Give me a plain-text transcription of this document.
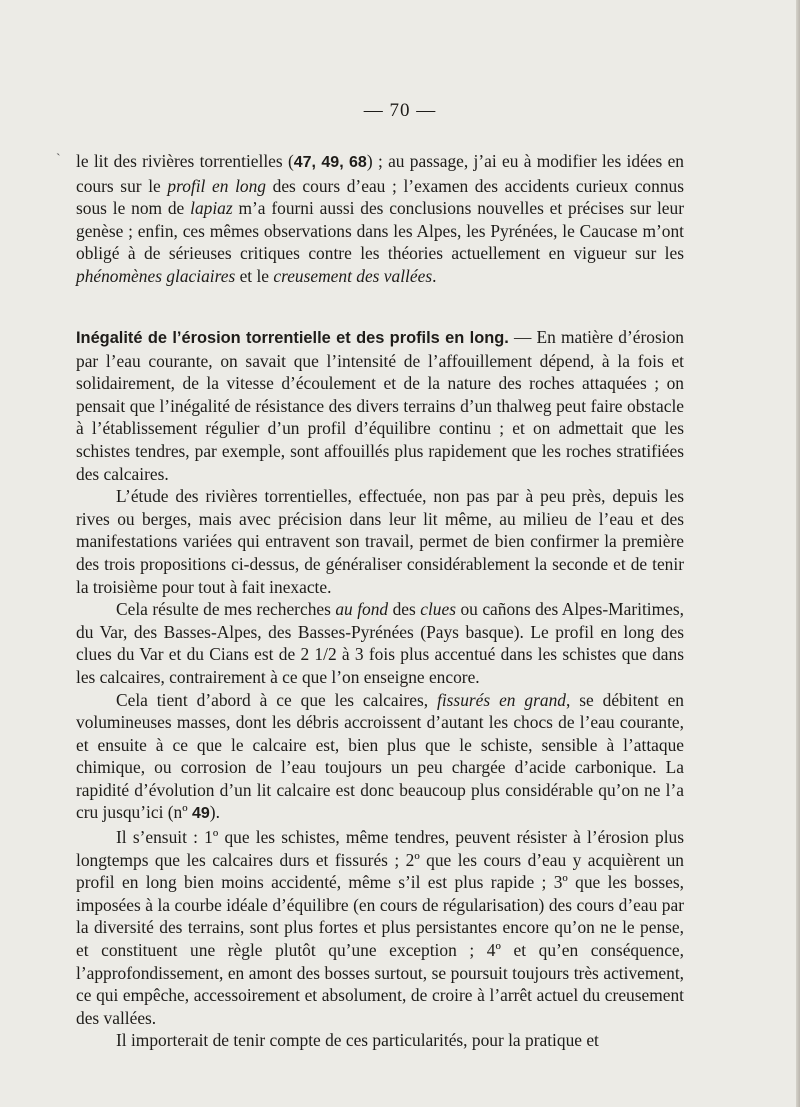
— 70 —
` le lit des rivières torrentielles (47, 49, 68) ; au passage, j’ai eu à modifier les idées en cours sur le profil en long des cours d’eau ; l’examen des accidents curieux connus sous le nom de lapiaz m’a fourni aussi des conclusions nouvelles et précises sur leur genèse ; enfin, ces mêmes observations dans les Alpes, les Pyrénées, le Caucase m’ont obligé à de sérieuses critiques contre les théories actuellement en vigueur sur les phénomènes glaciaires et le creusement des vallées.

Inégalité de l’érosion torrentielle et des profils en long. — En matière d’érosion par l’eau courante, on savait que l’intensité de l’affouillement dépend, à la fois et solidairement, de la vitesse d’écoulement et de la nature des roches attaquées ; on pensait que l’inégalité de résistance des divers terrains d’un thalweg peut faire obstacle à l’établissement régulier d’un profil d’équilibre continu ; et on admettait que les schistes tendres, par exemple, sont affouillés plus rapidement que les roches stratifiées des calcaires.

L’étude des rivières torrentielles, effectuée, non pas par à peu près, depuis les rives ou berges, mais avec précision dans leur lit même, au milieu de l’eau et des manifestations variées qui entravent son travail, permet de bien confirmer la première des trois propositions ci-dessus, de généraliser considérablement la seconde et de tenir la troisième pour tout à fait inexacte.

Cela résulte de mes recherches au fond des clues ou cañons des Alpes-Maritimes, du Var, des Basses-Alpes, des Basses-Pyrénées (Pays basque). Le profil en long des clues du Var et du Cians est de 2 1/2 à 3 fois plus accentué dans les schistes que dans les calcaires, contrairement à ce que l’on enseigne encore.

Cela tient d’abord à ce que les calcaires, fissurés en grand, se débitent en volumineuses masses, dont les débris accroissent d’autant les chocs de l’eau courante, et ensuite à ce que le calcaire est, bien plus que le schiste, sensible à l’attaque chimique, ou corrosion de l’eau toujours un peu chargée d’acide carbonique. La rapidité d’évolution d’un lit calcaire est donc beaucoup plus considérable qu’on ne l’a cru jusqu’ici (nº 49).

Il s’ensuit : 1º que les schistes, même tendres, peuvent résister à l’érosion plus longtemps que les calcaires durs et fissurés ; 2º que les cours d’eau y acquièrent un profil en long bien moins accidenté, même s’il est plus rapide ; 3º que les bosses, imposées à la courbe idéale d’équilibre (en cours de régularisation) des cours d’eau par la diversité des terrains, sont plus fortes et plus persistantes encore qu’on ne le pense, et constituent une règle plutôt qu’une exception ; 4º et qu’en conséquence, l’approfondissement, en amont des bosses surtout, se poursuit toujours très activement, ce qui empêche, accessoirement et absolument, de croire à l’arrêt actuel du creusement des vallées.

Il importerait de tenir compte de ces particularités, pour la pratique et
